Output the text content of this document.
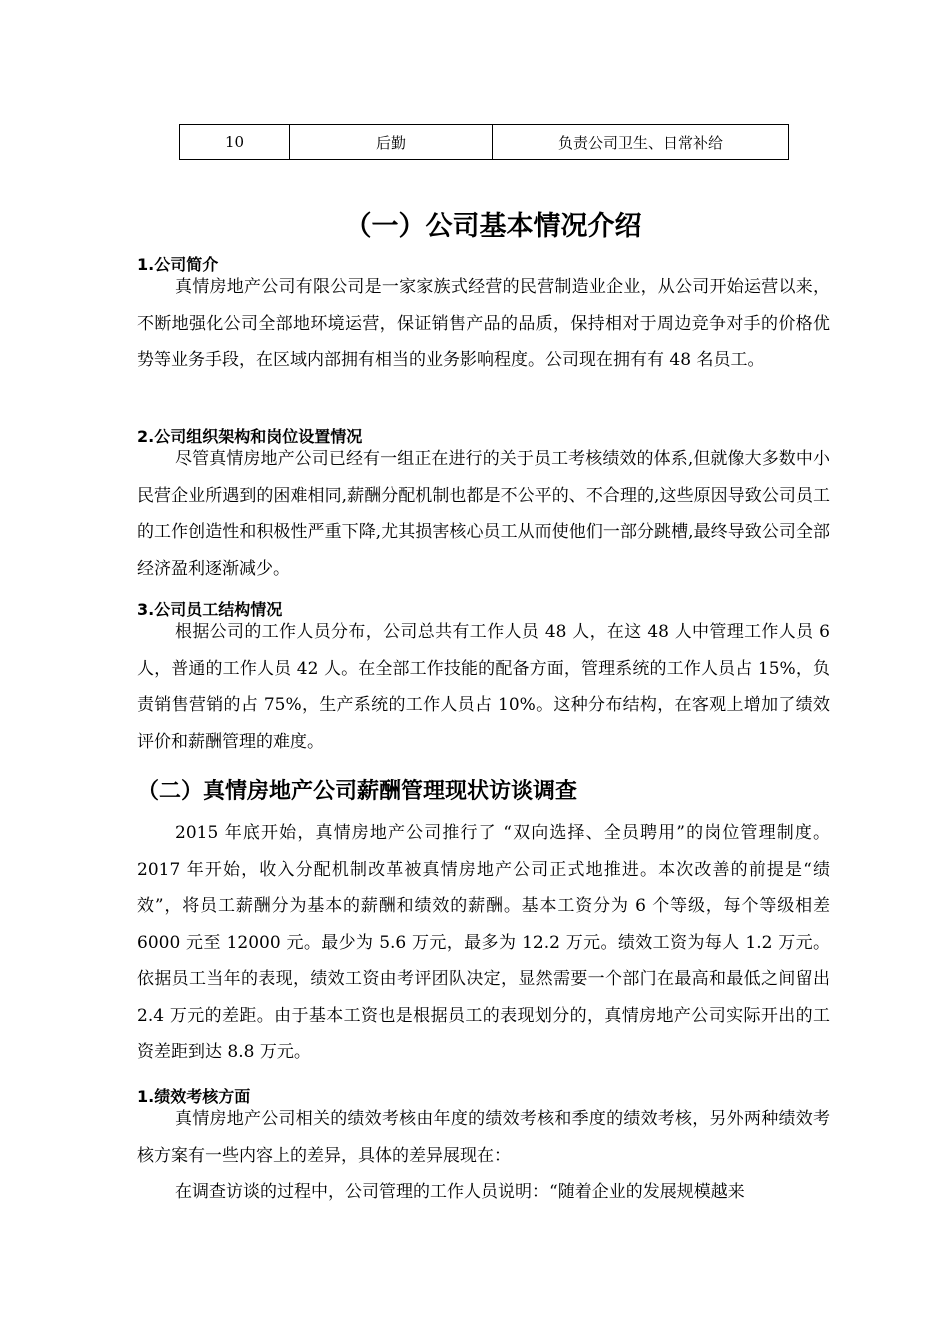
10	后勤	负责公司卫生、日常补给
（一）公司基本情况介绍
1.公司简介

真情房地产公司有限公司是一家家族式经营的民营制造业企业，从公司开始运营以来，不断地强化公司全部地环境运营，保证销售产品的品质，保持相对于周边竞争对手的价格优势等业务手段，在区域内部拥有相当的业务影响程度。公司现在拥有有 48 名员工。

2.公司组织架构和岗位设置情况

尽管真情房地产公司已经有一组正在进行的关于员工考核绩效的体系,但就像大多数中小民营企业所遇到的困难相同,薪酬分配机制也都是不公平的、不合理的,这些原因导致公司员工的工作创造性和积极性严重下降,尤其损害核心员工从而使他们一部分跳槽,最终导致公司全部经济盈利逐渐减少。

3.公司员工结构情况

根据公司的工作人员分布，公司总共有工作人员 48 人，在这 48 人中管理工作人员 6 人，普通的工作人员 42 人。在全部工作技能的配备方面，管理系统的工作人员占 15%，负责销售营销的占 75%，生产系统的工作人员占 10%。这种分布结构，在客观上增加了绩效评价和薪酬管理的难度。

（二）真情房地产公司薪酬管理现状访谈调查

2015 年底开始，真情房地产公司推行了 “双向选择、全员聘用”的岗位管理制度。2017 年开始，收入分配机制改革被真情房地产公司正式地推进。本次改善的前提是“绩效”，将员工薪酬分为基本的薪酬和绩效的薪酬。基本工资分为 6 个等级，每个等级相差 6000 元至 12000 元。最少为 5.6 万元，最多为 12.2 万元。绩效工资为每人 1.2 万元。依据员工当年的表现，绩效工资由考评团队决定，显然需要一个部门在最高和最低之间留出 2.4 万元的差距。由于基本工资也是根据员工的表现划分的，真情房地产公司实际开出的工资差距到达 8.8 万元。

1.绩效考核方面

真情房地产公司相关的绩效考核由年度的绩效考核和季度的绩效考核，另外两种绩效考核方案有一些内容上的差异，具体的差异展现在：

在调查访谈的过程中，公司管理的工作人员说明：“随着企业的发展规模越来
